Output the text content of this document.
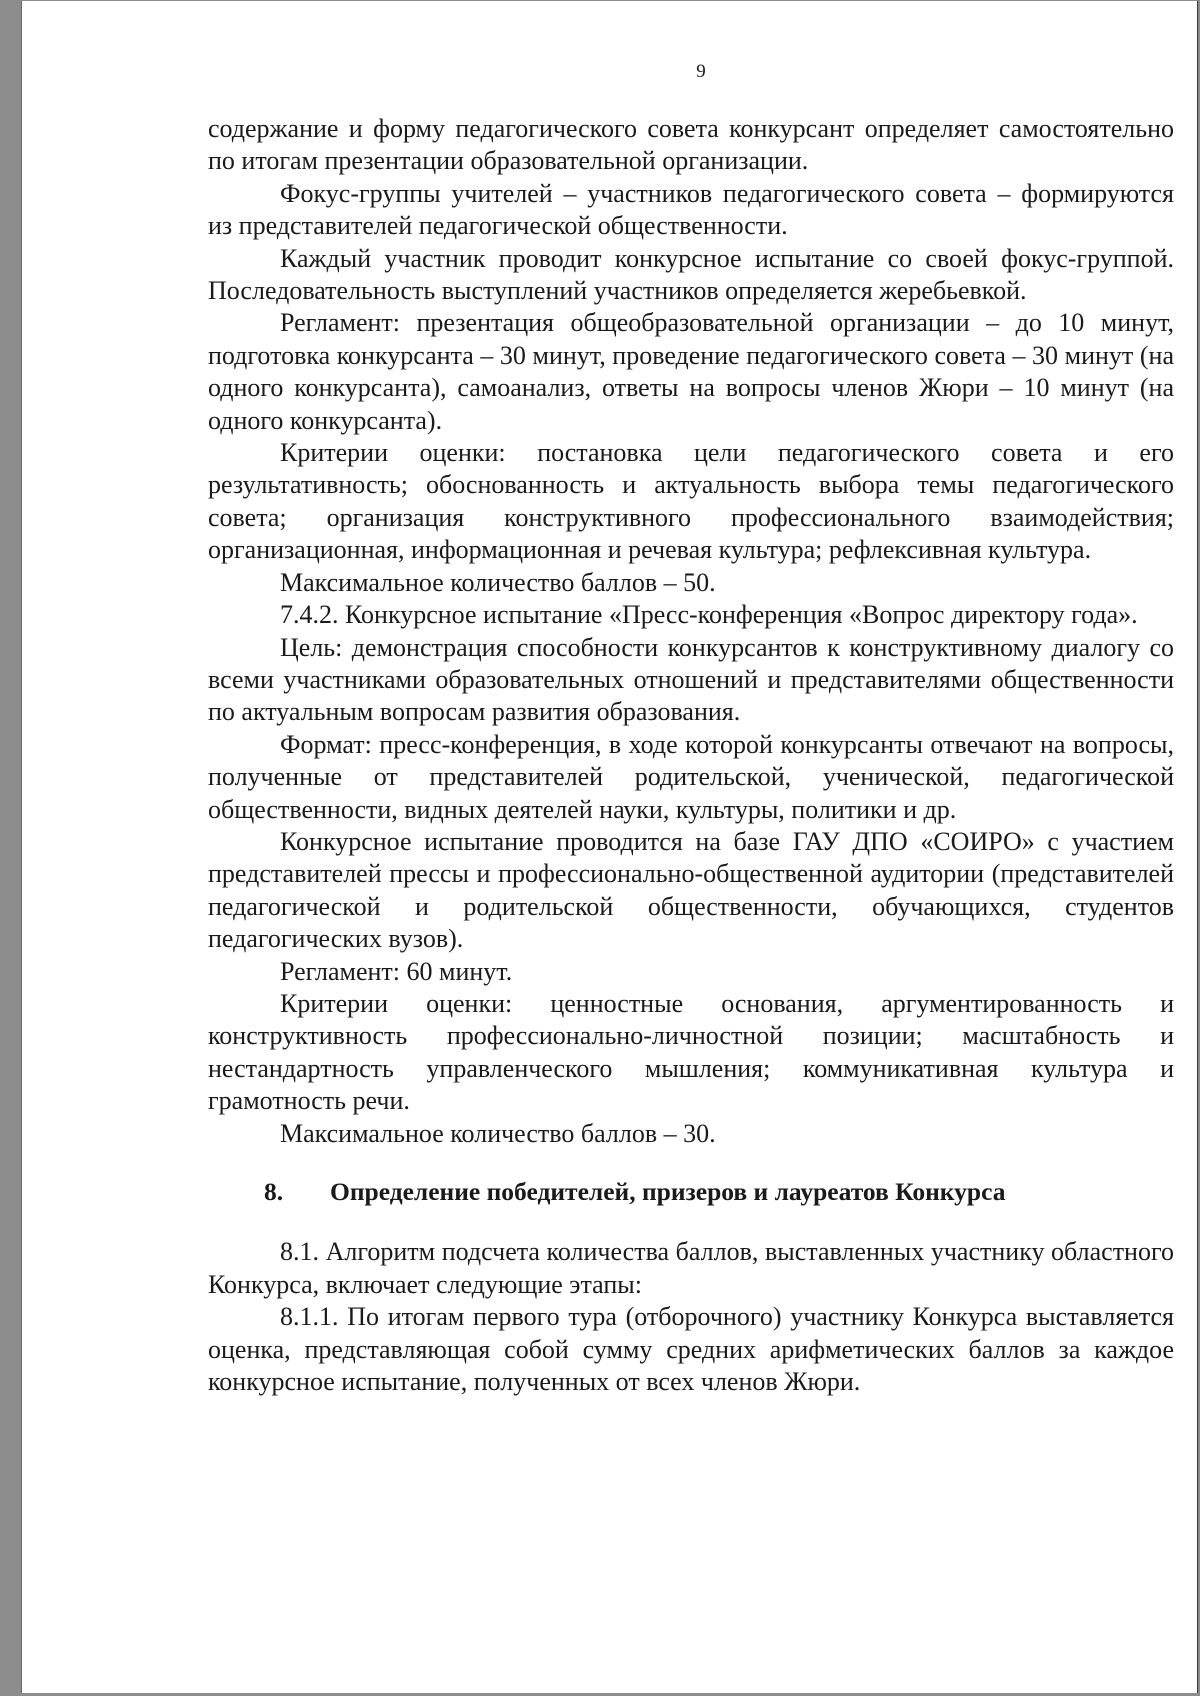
9

содержание и форму педагогического совета конкурсант определяет самостоятельно по итогам презентации образовательной организации.

Фокус-группы учителей – участников педагогического совета – формируются из представителей педагогической общественности.

Каждый участник проводит конкурсное испытание со своей фокус-группой. Последовательность выступлений участников определяется жеребьевкой.

Регламент: презентация общеобразовательной организации – до 10 минут, подготовка конкурсанта – 30 минут, проведение педагогического совета – 30 минут (на одного конкурсанта), самоанализ, ответы на вопросы членов Жюри – 10 минут (на одного конкурсанта).

Критерии оценки: постановка цели педагогического совета и его результативность; обоснованность и актуальность выбора темы педагогического совета; организация конструктивного профессионального взаимодействия; организационная, информационная и речевая культура; рефлексивная культура.

Максимальное количество баллов – 50.

7.4.2. Конкурсное испытание «Пресс-конференция «Вопрос директору года».

Цель: демонстрация способности конкурсантов к конструктивному диалогу со всеми участниками образовательных отношений и представителями общественности по актуальным вопросам развития образования.

Формат: пресс-конференция, в ходе которой конкурсанты отвечают на вопросы, полученные от представителей родительской, ученической, педагогической общественности, видных деятелей науки, культуры, политики и др.

Конкурсное испытание проводится на базе ГАУ ДПО «СОИРО» с участием представителей прессы и профессионально-общественной аудитории (представителей педагогической и родительской общественности, обучающихся, студентов педагогических вузов).

Регламент: 60 минут.

Критерии оценки: ценностные основания, аргументированность и конструктивность профессионально-личностной позиции; масштабность и нестандартность управленческого мышления; коммуникативная культура и грамотность речи.

Максимальное количество баллов – 30.

8.	Определение победителей, призеров и лауреатов Конкурса

8.1. Алгоритм подсчета количества баллов, выставленных участнику областного Конкурса, включает следующие этапы:

8.1.1. По итогам первого тура (отборочного) участнику Конкурса выставляется оценка, представляющая собой сумму средних арифметических баллов за каждое конкурсное испытание, полученных от всех членов Жюри.
